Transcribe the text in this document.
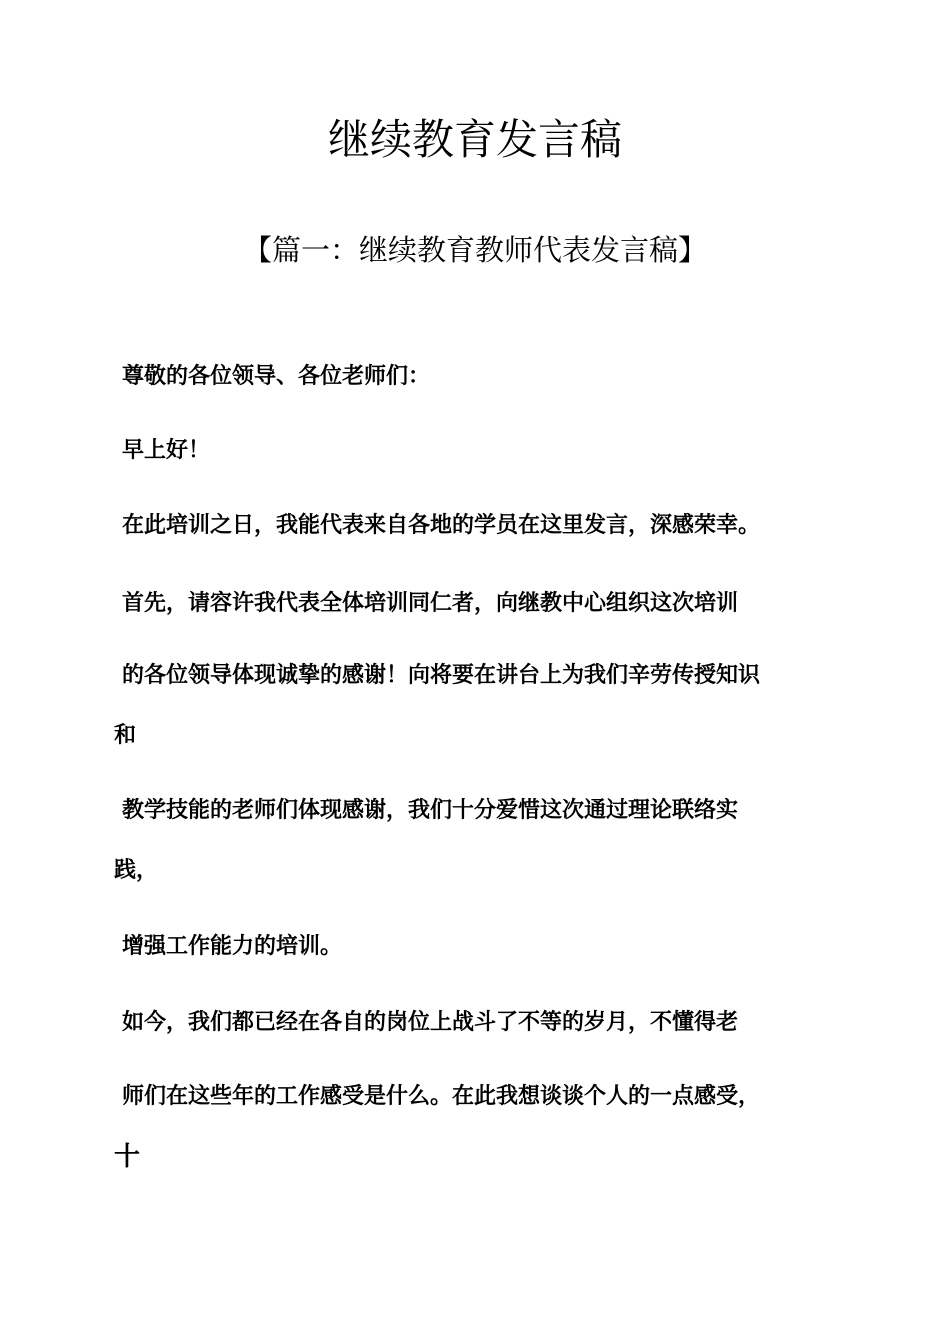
继续教育发言稿
【篇一：继续教育教师代表发言稿】

尊敬的各位领导、各位老师们：

早上好！

在此培训之日，我能代表来自各地的学员在这里发言，深感荣幸。

首先，请容许我代表全体培训同仁者，向继教中心组织这次培训

的各位领导体现诚挚的感谢！向将要在讲台上为我们辛劳传授知识

和

教学技能的老师们体现感谢，我们十分爱惜这次通过理论联络实

践，

增强工作能力的培训。

如今，我们都已经在各自的岗位上战斗了不等的岁月，不懂得老

师们在这些年的工作感受是什么。在此我想谈谈个人的一点感受，

十
